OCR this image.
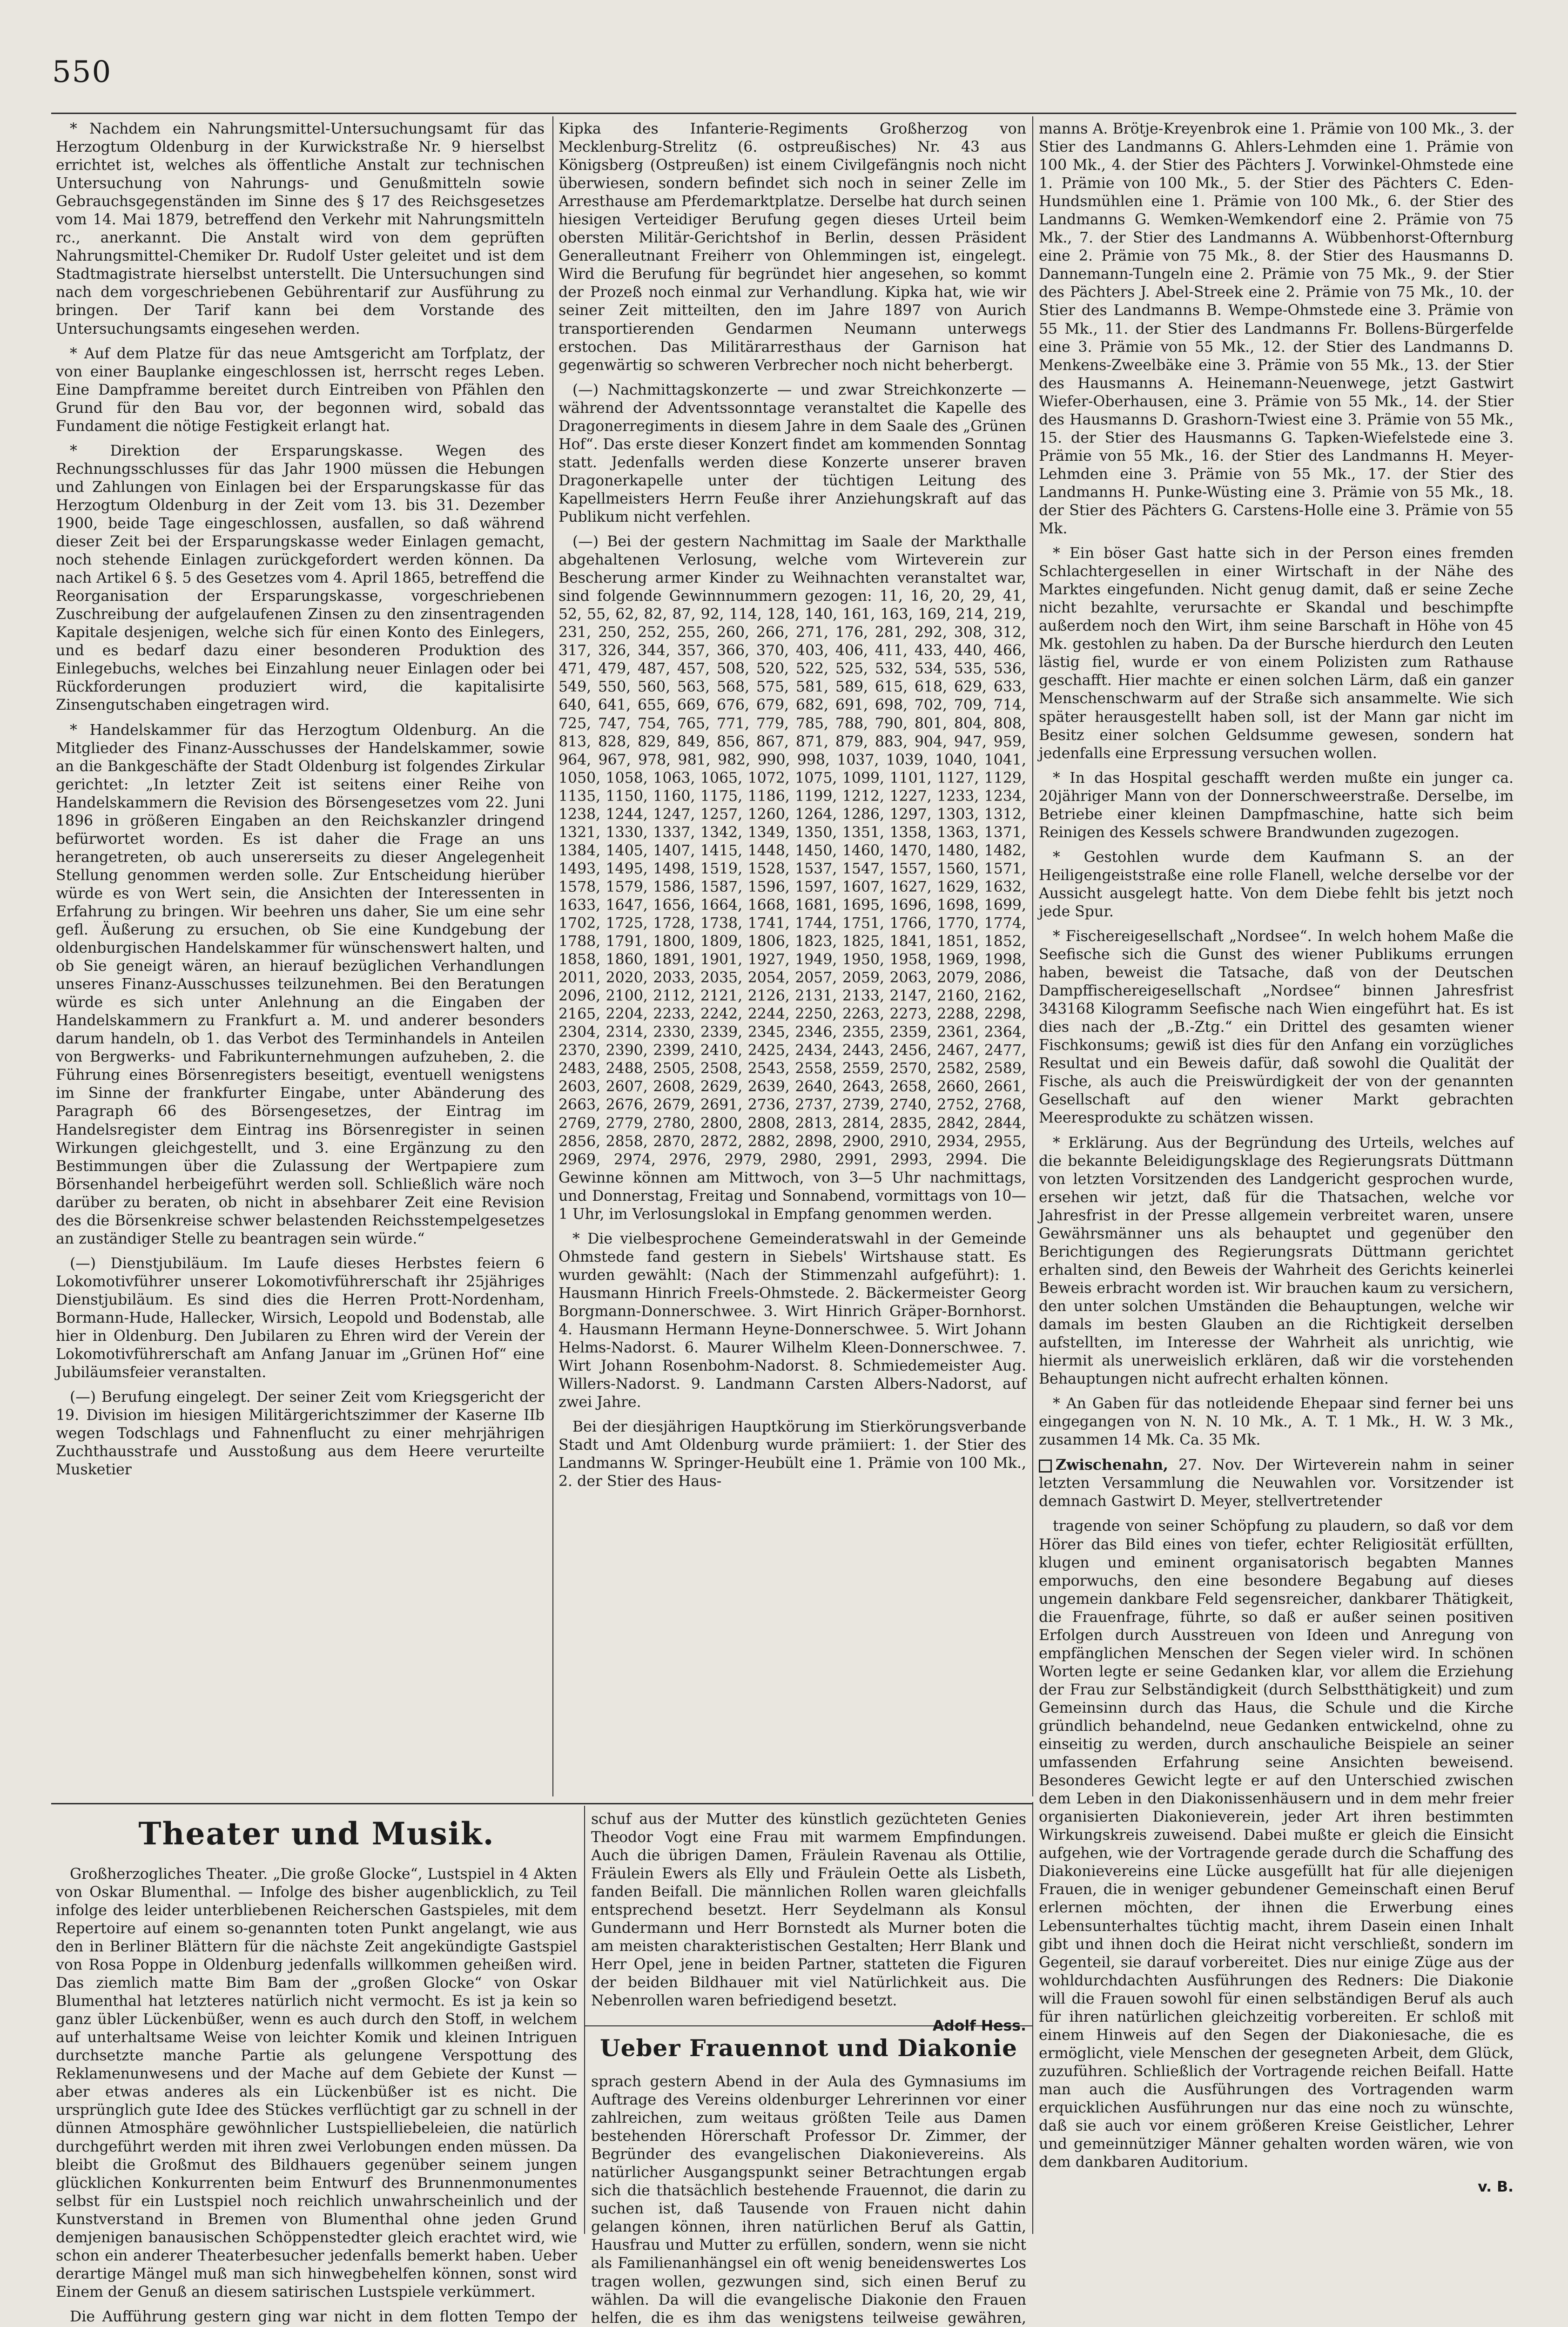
550

* Nachdem ein Nahrungsmittel-Untersuchungsamt für das Herzogtum Oldenburg in der Kurwickstraße Nr. 9 hierselbst errichtet ist, welches als öffentliche Anstalt zur technischen Untersuchung von Nahrungs- und Genußmitteln sowie Gebrauchsgegenständen im Sinne des § 17 des Reichsgesetzes vom 14. Mai 1879, betreffend den Verkehr mit Nahrungsmitteln rc., anerkannt. Die Anstalt wird von dem geprüften Nahrungsmittel-Chemiker Dr. Rudolf Uster geleitet und ist dem Stadtmagistrate hierselbst unterstellt. Die Untersuchungen sind nach dem vorgeschriebenen Gebührentarif zur Ausführung zu bringen. Der Tarif kann bei dem Vorstande des Untersuchungsamts eingesehen werden.

* Auf dem Platze für das neue Amtsgericht am Torfplatz, der von einer Bauplanke eingeschlossen ist, herrscht reges Leben. Eine Dampframme bereitet durch Eintreiben von Pfählen den Grund für den Bau vor, der begonnen wird, sobald das Fundament die nötige Festigkeit erlangt hat.

* Direktion der Ersparungskasse. Wegen des Rechnungsschlusses für das Jahr 1900 müssen die Hebungen und Zahlungen von Einlagen bei der Ersparungskasse für das Herzogtum Oldenburg in der Zeit vom 13. bis 31. Dezember 1900, beide Tage eingeschlossen, ausfallen, so daß während dieser Zeit bei der Ersparungskasse weder Einlagen gemacht, noch stehende Einlagen zurückgefordert werden können. Da nach Artikel 6 §. 5 des Gesetzes vom 4. April 1865, betreffend die Reorganisation der Ersparungskasse, vorgeschriebenen Zuschreibung der aufgelaufenen Zinsen zu den zinsentragenden Kapitale desjenigen, welche sich für einen Konto des Einlegers, und es bedarf dazu einer besonderen Produktion des Einlegebuchs, welches bei Einzahlung neuer Einlagen oder bei Rückforderungen produziert wird, die kapitalisirte Zinsengutschaben eingetragen wird.

* Handelskammer für das Herzogtum Oldenburg. An die Mitglieder des Finanz-Ausschusses der Handelskammer, sowie an die Bankgeschäfte der Stadt Oldenburg ist folgendes Zirkular gerichtet: „In letzter Zeit ist seitens einer Reihe von Handelskammern die Revision des Börsengesetzes vom 22. Juni 1896 in größeren Eingaben an den Reichskanzler dringend befürwortet worden. Es ist daher die Frage an uns herangetreten, ob auch unsererseits zu dieser Angelegenheit Stellung genommen werden solle. Zur Entscheidung hierüber würde es von Wert sein, die Ansichten der Interessenten in Erfahrung zu bringen. Wir beehren uns daher, Sie um eine sehr gefl. Äußerung zu ersuchen, ob Sie eine Kundgebung der oldenburgischen Handelskammer für wünschenswert halten, und ob Sie geneigt wären, an hierauf bezüglichen Verhandlungen unseres Finanz-Ausschusses teilzunehmen. Bei den Beratungen würde es sich unter Anlehnung an die Eingaben der Handelskammern zu Frankfurt a. M. und anderer besonders darum handeln, ob 1. das Verbot des Terminhandels in Anteilen von Bergwerks- und Fabrikunternehmungen aufzuheben, 2. die Führung eines Börsenregisters beseitigt, eventuell wenigstens im Sinne der frankfurter Eingabe, unter Abänderung des Paragraph 66 des Börsengesetzes, der Eintrag im Handelsregister dem Eintrag ins Börsenregister in seinen Wirkungen gleichgestellt, und 3. eine Ergänzung zu den Bestimmungen über die Zulassung der Wertpapiere zum Börsenhandel herbeigeführt werden soll. Schließlich wäre noch darüber zu beraten, ob nicht in absehbarer Zeit eine Revision des die Börsenkreise schwer belastenden Reichsstempelgesetzes an zuständiger Stelle zu beantragen sein würde.“

(—) Dienstjubiläum. Im Laufe dieses Herbstes feiern 6 Lokomotivführer unserer Lokomotivführerschaft ihr 25jähriges Dienstjubiläum. Es sind dies die Herren Prott-Nordenham, Bormann-Hude, Hallecker, Wirsich, Leopold und Bodenstab, alle hier in Oldenburg. Den Jubilaren zu Ehren wird der Verein der Lokomotivführerschaft am Anfang Januar im „Grünen Hof“ eine Jubiläumsfeier veranstalten.

(—) Berufung eingelegt. Der seiner Zeit vom Kriegsgericht der 19. Division im hiesigen Militärgerichtszimmer der Kaserne IIb wegen Todschlags und Fahnenflucht zu einer mehrjährigen Zuchthausstrafe und Ausstoßung aus dem Heere verurteilte Musketier

Kipka des Infanterie-Regiments Großherzog von Mecklenburg-Strelitz (6. ostpreußisches) Nr. 43 aus Königsberg (Ostpreußen) ist einem Civilgefängnis noch nicht überwiesen, sondern befindet sich noch in seiner Zelle im Arresthause am Pferdemarktplatze. Derselbe hat durch seinen hiesigen Verteidiger Berufung gegen dieses Urteil beim obersten Militär-Gerichtshof in Berlin, dessen Präsident Generalleutnant Freiherr von Ohlemmingen ist, eingelegt. Wird die Berufung für begründet hier angesehen, so kommt der Prozeß noch einmal zur Verhandlung. Kipka hat, wie wir seiner Zeit mitteilten, den im Jahre 1897 von Aurich transportierenden Gendarmen Neumann unterwegs erstochen. Das Militärarresthaus der Garnison hat gegenwärtig so schweren Verbrecher noch nicht beherbergt.

(—) Nachmittagskonzerte — und zwar Streichkonzerte — während der Adventssonntage veranstaltet die Kapelle des Dragonerregiments in diesem Jahre in dem Saale des „Grünen Hof“. Das erste dieser Konzert findet am kommenden Sonntag statt. Jedenfalls werden diese Konzerte unserer braven Dragonerkapelle unter der tüchtigen Leitung des Kapellmeisters Herrn Feuße ihrer Anziehungskraft auf das Publikum nicht verfehlen.

(—) Bei der gestern Nachmittag im Saale der Markthalle abgehaltenen Verlosung, welche vom Wirteverein zur Bescherung armer Kinder zu Weihnachten veranstaltet war, sind folgende Gewinnnummern gezogen: 11, 16, 20, 29, 41, 52, 55, 62, 82, 87, 92, 114, 128, 140, 161, 163, 169, 214, 219, 231, 250, 252, 255, 260, 266, 271, 176, 281, 292, 308, 312, 317, 326, 344, 357, 366, 370, 403, 406, 411, 433, 440, 466, 471, 479, 487, 457, 508, 520, 522, 525, 532, 534, 535, 536, 549, 550, 560, 563, 568, 575, 581, 589, 615, 618, 629, 633, 640, 641, 655, 669, 676, 679, 682, 691, 698, 702, 709, 714, 725, 747, 754, 765, 771, 779, 785, 788, 790, 801, 804, 808, 813, 828, 829, 849, 856, 867, 871, 879, 883, 904, 947, 959, 964, 967, 978, 981, 982, 990, 998, 1037, 1039, 1040, 1041, 1050, 1058, 1063, 1065, 1072, 1075, 1099, 1101, 1127, 1129, 1135, 1150, 1160, 1175, 1186, 1199, 1212, 1227, 1233, 1234, 1238, 1244, 1247, 1257, 1260, 1264, 1286, 1297, 1303, 1312, 1321, 1330, 1337, 1342, 1349, 1350, 1351, 1358, 1363, 1371, 1384, 1405, 1407, 1415, 1448, 1450, 1460, 1470, 1480, 1482, 1493, 1495, 1498, 1519, 1528, 1537, 1547, 1557, 1560, 1571, 1578, 1579, 1586, 1587, 1596, 1597, 1607, 1627, 1629, 1632, 1633, 1647, 1656, 1664, 1668, 1681, 1695, 1696, 1698, 1699, 1702, 1725, 1728, 1738, 1741, 1744, 1751, 1766, 1770, 1774, 1788, 1791, 1800, 1809, 1806, 1823, 1825, 1841, 1851, 1852, 1858, 1860, 1891, 1901, 1927, 1949, 1950, 1958, 1969, 1998, 2011, 2020, 2033, 2035, 2054, 2057, 2059, 2063, 2079, 2086, 2096, 2100, 2112, 2121, 2126, 2131, 2133, 2147, 2160, 2162, 2165, 2204, 2233, 2242, 2244, 2250, 2263, 2273, 2288, 2298, 2304, 2314, 2330, 2339, 2345, 2346, 2355, 2359, 2361, 2364, 2370, 2390, 2399, 2410, 2425, 2434, 2443, 2456, 2467, 2477, 2483, 2488, 2505, 2508, 2543, 2558, 2559, 2570, 2582, 2589, 2603, 2607, 2608, 2629, 2639, 2640, 2643, 2658, 2660, 2661, 2663, 2676, 2679, 2691, 2736, 2737, 2739, 2740, 2752, 2768, 2769, 2779, 2780, 2800, 2808, 2813, 2814, 2835, 2842, 2844, 2856, 2858, 2870, 2872, 2882, 2898, 2900, 2910, 2934, 2955, 2969, 2974, 2976, 2979, 2980, 2991, 2993, 2994. Die Gewinne können am Mittwoch, von 3—5 Uhr nachmittags, und Donnerstag, Freitag und Sonnabend, vormittags von 10—1 Uhr, im Verlosungslokal in Empfang genommen werden.

* Die vielbesprochene Gemeinderatswahl in der Gemeinde Ohmstede fand gestern in Siebels' Wirtshause statt. Es wurden gewählt: (Nach der Stimmenzahl aufgeführt): 1. Hausmann Hinrich Freels-Ohmstede. 2. Bäckermeister Georg Borgmann-Donnerschwee. 3. Wirt Hinrich Gräper-Bornhorst. 4. Hausmann Hermann Heyne-Donnerschwee. 5. Wirt Johann Helms-Nadorst. 6. Maurer Wilhelm Kleen-Donnerschwee. 7. Wirt Johann Rosenbohm-Nadorst. 8. Schmiedemeister Aug. Willers-Nadorst. 9. Landmann Carsten Albers-Nadorst, auf zwei Jahre.

Bei der diesjährigen Hauptkörung im Stierkörungsverbande Stadt und Amt Oldenburg wurde prämiiert: 1. der Stier des Landmanns W. Springer-Heubült eine 1. Prämie von 100 Mk., 2. der Stier des Haus-

manns A. Brötje-Kreyenbrok eine 1. Prämie von 100 Mk., 3. der Stier des Landmanns G. Ahlers-Lehmden eine 1. Prämie von 100 Mk., 4. der Stier des Pächters J. Vorwinkel-Ohmstede eine 1. Prämie von 100 Mk., 5. der Stier des Pächters C. Eden-Hundsmühlen eine 1. Prämie von 100 Mk., 6. der Stier des Landmanns G. Wemken-Wemkendorf eine 2. Prämie von 75 Mk., 7. der Stier des Landmanns A. Wübbenhorst-Ofternburg eine 2. Prämie von 75 Mk., 8. der Stier des Hausmanns D. Dannemann-Tungeln eine 2. Prämie von 75 Mk., 9. der Stier des Pächters J. Abel-Streek eine 2. Prämie von 75 Mk., 10. der Stier des Landmanns B. Wempe-Ohmstede eine 3. Prämie von 55 Mk., 11. der Stier des Landmanns Fr. Bollens-Bürgerfelde eine 3. Prämie von 55 Mk., 12. der Stier des Landmanns D. Menkens-Zweelbäke eine 3. Prämie von 55 Mk., 13. der Stier des Hausmanns A. Heinemann-Neuenwege, jetzt Gastwirt Wiefer-Oberhausen, eine 3. Prämie von 55 Mk., 14. der Stier des Hausmanns D. Grashorn-Twiest eine 3. Prämie von 55 Mk., 15. der Stier des Hausmanns G. Tapken-Wiefelstede eine 3. Prämie von 55 Mk., 16. der Stier des Landmanns H. Meyer-Lehmden eine 3. Prämie von 55 Mk., 17. der Stier des Landmanns H. Punke-Wüsting eine 3. Prämie von 55 Mk., 18. der Stier des Pächters G. Carstens-Holle eine 3. Prämie von 55 Mk.

* Ein böser Gast hatte sich in der Person eines fremden Schlachtergesellen in einer Wirtschaft in der Nähe des Marktes eingefunden. Nicht genug damit, daß er seine Zeche nicht bezahlte, verursachte er Skandal und beschimpfte außerdem noch den Wirt, ihm seine Barschaft in Höhe von 45 Mk. gestohlen zu haben. Da der Bursche hierdurch den Leuten lästig fiel, wurde er von einem Polizisten zum Rathause geschafft. Hier machte er einen solchen Lärm, daß ein ganzer Menschenschwarm auf der Straße sich ansammelte. Wie sich später herausgestellt haben soll, ist der Mann gar nicht im Besitz einer solchen Geldsumme gewesen, sondern hat jedenfalls eine Erpressung versuchen wollen.

* In das Hospital geschafft werden mußte ein junger ca. 20jähriger Mann von der Donnerschweerstraße. Derselbe, im Betriebe einer kleinen Dampfmaschine, hatte sich beim Reinigen des Kessels schwere Brandwunden zugezogen.

* Gestohlen wurde dem Kaufmann S. an der Heiligengeiststraße eine rolle Flanell, welche derselbe vor der Aussicht ausgelegt hatte. Von dem Diebe fehlt bis jetzt noch jede Spur.

* Fischereigesellschaft „Nordsee“. In welch hohem Maße die Seefische sich die Gunst des wiener Publikums errungen haben, beweist die Tatsache, daß von der Deutschen Dampffischereigesellschaft „Nordsee“ binnen Jahresfrist 343168 Kilogramm Seefische nach Wien eingeführt hat. Es ist dies nach der „B.-Ztg.“ ein Drittel des gesamten wiener Fischkonsums; gewiß ist dies für den Anfang ein vorzügliches Resultat und ein Beweis dafür, daß sowohl die Qualität der Fische, als auch die Preiswürdigkeit der von der genannten Gesellschaft auf den wiener Markt gebrachten Meeresprodukte zu schätzen wissen.

* Erklärung. Aus der Begründung des Urteils, welches auf die bekannte Beleidigungsklage des Regierungsrats Düttmann von letzten Vorsitzenden des Landgericht gesprochen wurde, ersehen wir jetzt, daß für die Thatsachen, welche vor Jahresfrist in der Presse allgemein verbreitet waren, unsere Gewährsmänner uns als behauptet und gegenüber den Berichtigungen des Regierungsrats Düttmann gerichtet erhalten sind, den Beweis der Wahrheit des Gerichts keinerlei Beweis erbracht worden ist. Wir brauchen kaum zu versichern, den unter solchen Umständen die Behauptungen, welche wir damals im besten Glauben an die Richtigkeit derselben aufstellten, im Interesse der Wahrheit als unrichtig, wie hiermit als unerweislich erklären, daß wir die vorstehenden Behauptungen nicht aufrecht erhalten können.

* An Gaben für das notleidende Ehepaar sind ferner bei uns eingegangen von N. N. 10 Mk., A. T. 1 Mk., H. W. 3 Mk., zusammen 14 Mk. Ca. 35 Mk.

Zwischenahn, 27. Nov. Der Wirteverein nahm in seiner letzten Versammlung die Neuwahlen vor. Vorsitzender ist demnach Gastwirt D. Meyer, stellvertretender

tragende von seiner Schöpfung zu plaudern, so daß vor dem Hörer das Bild eines von tiefer, echter Religiosität erfüllten, klugen und eminent organisatorisch begabten Mannes emporwuchs, den eine besondere Begabung auf dieses ungemein dankbare Feld segensreicher, dankbarer Thätigkeit, die Frauenfrage, führte, so daß er außer seinen positiven Erfolgen durch Ausstreuen von Ideen und Anregung von empfänglichen Menschen der Segen vieler wird. In schönen Worten legte er seine Gedanken klar, vor allem die Erziehung der Frau zur Selbständigkeit (durch Selbstthätigkeit) und zum Gemeinsinn durch das Haus, die Schule und die Kirche gründlich behandelnd, neue Gedanken entwickelnd, ohne zu einseitig zu werden, durch anschauliche Beispiele an seiner umfassenden Erfahrung seine Ansichten beweisend. Besonderes Gewicht legte er auf den Unterschied zwischen dem Leben in den Diakonissenhäusern und in dem mehr freier organisierten Diakonieverein, jeder Art ihren bestimmten Wirkungskreis zuweisend. Dabei mußte er gleich die Einsicht aufgehen, wie der Vortragende gerade durch die Schaffung des Diakonievereins eine Lücke ausgefüllt hat für alle diejenigen Frauen, die in weniger gebundener Gemeinschaft einen Beruf erlernen möchten, der ihnen die Erwerbung eines Lebensunterhaltes tüchtig macht, ihrem Dasein einen Inhalt gibt und ihnen doch die Heirat nicht verschließt, sondern im Gegenteil, sie darauf vorbereitet. Dies nur einige Züge aus der wohldurchdachten Ausführungen des Redners: Die Diakonie will die Frauen sowohl für einen selbständigen Beruf als auch für ihren natürlichen gleichzeitig vorbereiten. Er schloß mit einem Hinweis auf den Segen der Diakoniesache, die es ermöglicht, viele Menschen der gesegneten Arbeit, dem Glück, zuzuführen. Schließlich der Vortragende reichen Beifall. Hatte man auch die Ausführungen des Vortragenden warm erquicklichen Ausführungen nur das eine noch zu wünschte, daß sie auch vor einem größeren Kreise Geistlicher, Lehrer und gemeinnütziger Männer gehalten worden wären, wie von dem dankbaren Auditorium.

v. B.
Theater und Musik.

Großherzogliches Theater. „Die große Glocke“, Lustspiel in 4 Akten von Oskar Blumenthal. — Infolge des bisher augenblicklich, zu Teil infolge des leider unterbliebenen Reicherschen Gastspieles, mit dem Repertoire auf einem so-genannten toten Punkt angelangt, wie aus den in Berliner Blättern für die nächste Zeit angekündigte Gastspiel von Rosa Poppe in Oldenburg jedenfalls willkommen geheißen wird. Das ziemlich matte Bim Bam der „großen Glocke“ von Oskar Blumenthal hat letzteres natürlich nicht vermocht. Es ist ja kein so ganz übler Lückenbüßer, wenn es auch durch den Stoff, in welchem auf unterhaltsame Weise von leichter Komik und kleinen Intriguen durchsetzte manche Partie als gelungene Verspottung des Reklamenunwesens und der Mache auf dem Gebiete der Kunst — aber etwas anderes als ein Lückenbüßer ist es nicht. Die ursprünglich gute Idee des Stückes verflüchtigt gar zu schnell in der dünnen Atmosphäre gewöhnlicher Lustspielliebeleien, die natürlich durchgeführt werden mit ihren zwei Verlobungen enden müssen. Da bleibt die Großmut des Bildhauers gegenüber seinem jungen glücklichen Konkurrenten beim Entwurf des Brunnenmonumentes selbst für ein Lustspiel noch reichlich unwahrscheinlich und der Kunstverstand in Bremen von Blumenthal ohne jeden Grund demjenigen banausischen Schöppenstedter gleich erachtet wird, wie schon ein anderer Theaterbesucher jedenfalls bemerkt haben. Ueber derartige Mängel muß man sich hinwegbehelfen können, sonst wird Einem der Genuß an diesem satirischen Lustspiele verkümmert.

Die Aufführung gestern ging war nicht in dem flotten Tempo der

schuf aus der Mutter des künstlich gezüchteten Genies Theodor Vogt eine Frau mit warmem Empfindungen. Auch die übrigen Damen, Fräulein Ravenau als Ottilie, Fräulein Ewers als Elly und Fräulein Oette als Lisbeth, fanden Beifall. Die männlichen Rollen waren gleichfalls entsprechend besetzt. Herr Seydelmann als Konsul Gundermann und Herr Bornstedt als Murner boten die am meisten charakteristischen Gestalten; Herr Blank und Herr Opel, jene in beiden Partner, statteten die Figuren der beiden Bildhauer mit viel Natürlichkeit aus. Die Nebenrollen waren befriedigend besetzt.

Adolf Hess.
Ueber Frauennot und Diakonie

sprach gestern Abend in der Aula des Gymnasiums im Auftrage des Vereins oldenburger Lehrerinnen vor einer zahlreichen, zum weitaus größten Teile aus Damen bestehenden Hörerschaft Professor Dr. Zimmer, der Begründer des evangelischen Diakonievereins. Als natürlicher Ausgangspunkt seiner Betrachtungen ergab sich die thatsächlich bestehende Frauennot, die darin zu suchen ist, daß Tausende von Frauen nicht dahin gelangen können, ihren natürlichen Beruf als Gattin, Hausfrau und Mutter zu erfüllen, sondern, wenn sie nicht als Familienanhängsel ein oft wenig beneidenswertes Los tragen wollen, gezwungen sind, sich einen Beruf zu wählen. Da will die evangelische Diakonie den Frauen helfen, die es ihm das wenigstens teilweise gewähren,
